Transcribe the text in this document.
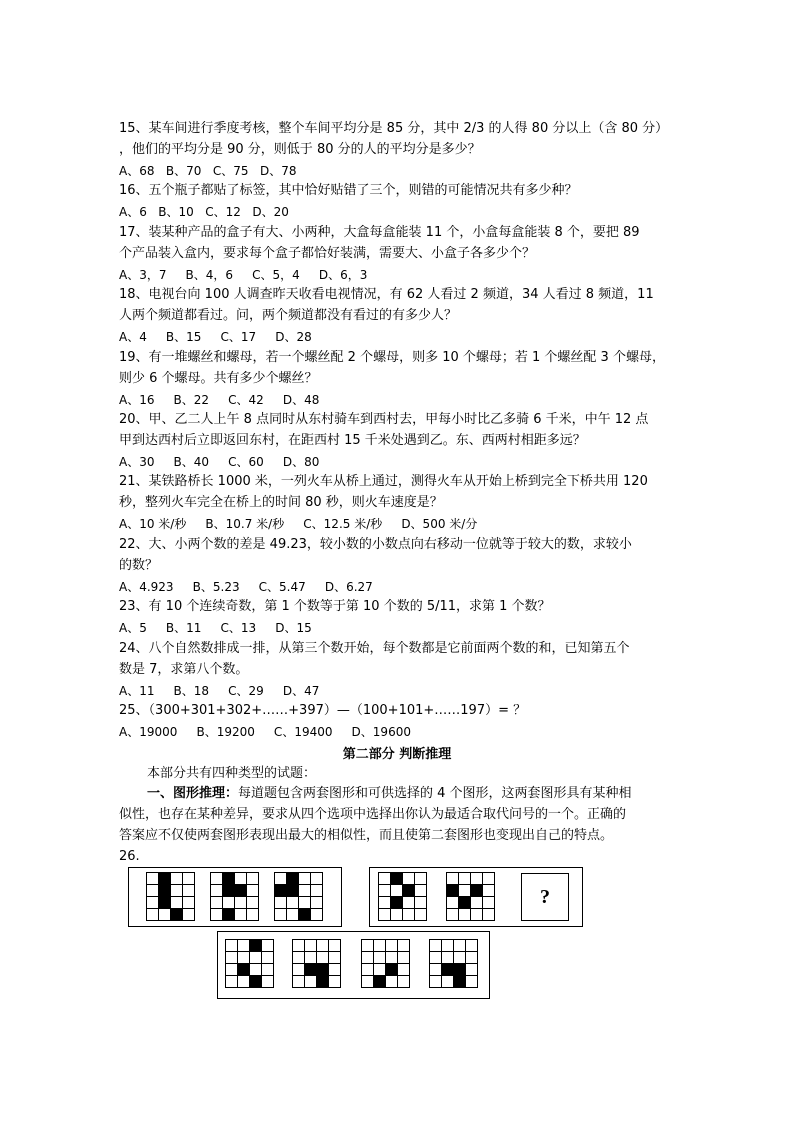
15、某车间进行季度考核，整个车间平均分是 85 分，其中 2/3 的人得 80 分以上（含 80 分）
，他们的平均分是 90 分，则低于 80 分的人的平均分是多少？
A、68   B、70   C、75   D、78
16、五个瓶子都贴了标签，其中恰好贴错了三个，则错的可能情况共有多少种？
A、6   B、10   C、12   D、20
17、装某种产品的盒子有大、小两种，大盒每盒能装 11 个，小盒每盒能装 8 个，要把 89
个产品装入盒内，要求每个盒子都恰好装满，需要大、小盒子各多少个？
A、3，7     B、4，6     C、5，4     D、6，3
18、电视台向 100 人调查昨天收看电视情况，有 62 人看过 2 频道，34 人看过 8 频道，11
人两个频道都看过。问，两个频道都没有看过的有多少人？
A、4     B、15     C、17     D、28
19、有一堆螺丝和螺母，若一个螺丝配 2 个螺母，则多 10 个螺母；若 1 个螺丝配 3 个螺母，
则少 6 个螺母。共有多少个螺丝？
A、16     B、22     C、42     D、48
20、甲、乙二人上午 8 点同时从东村骑车到西村去，甲每小时比乙多骑 6 千米，中午 12 点
甲到达西村后立即返回东村，在距西村 15 千米处遇到乙。东、西两村相距多远？
A、30     B、40     C、60     D、80
21、某铁路桥长 1000 米，一列火车从桥上通过，测得火车从开始上桥到完全下桥共用 120
秒，整列火车完全在桥上的时间 80 秒，则火车速度是？
A、10 米/秒     B、10.7 米/秒     C、12.5 米/秒     D、500 米/分
22、大、小两个数的差是 49.23，较小数的小数点向右移动一位就等于较大的数，求较小
的数？
A、4.923     B、5.23     C、5.47     D、6.27
23、有 10 个连续奇数，第 1 个数等于第 10 个数的 5/11，求第 1 个数？
A、5     B、11     C、13     D、15
24、八个自然数排成一排，从第三个数开始，每个数都是它前面两个数的和，已知第五个
数是 7，求第八个数。
A、11     B、18     C、29     D、47
25、（300+301+302+……+397）—（100+101+……197）= ？
A、19000     B、19200     C、19400     D、19600
第二部分 判断推理
本部分共有四种类型的试题：
一、图形推理：每道题包含两套图形和可供选择的 4 个图形，这两套图形具有某种相
似性，也存在某种差异，要求从四个选项中选择出你认为最适合取代问号的一个。正确的
答案应不仅使两套图形表现出最大的相似性，而且使第二套图形也变现出自己的特点。
26.
?
